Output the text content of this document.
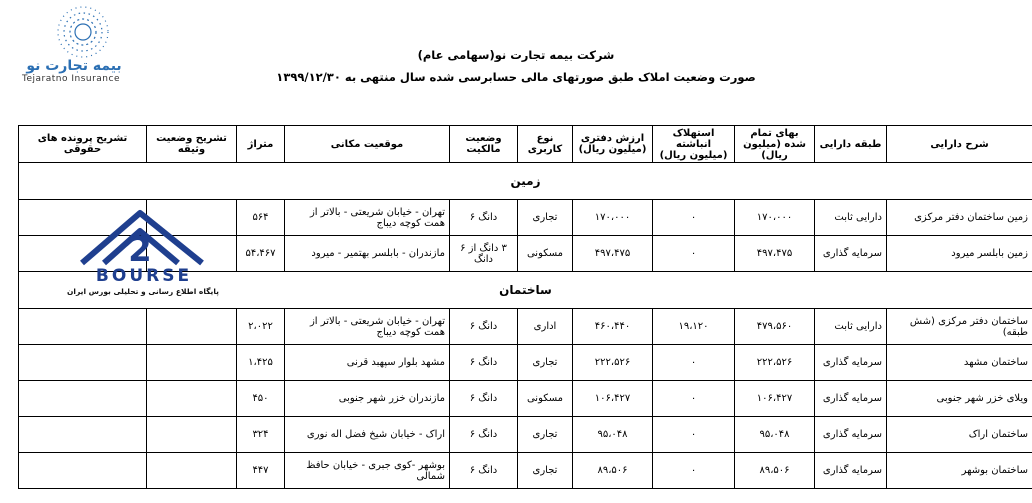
بیمه تجارت نو
Tejaratno Insurance
شرکت بیمه تجارت نو(سهامی عام)
صورت وضعیت املاک طبق صورتهای مالی حسابرسی شده سال منتهی به ۱۳۹۹/۱۲/۳۰
شرح دارایی	طبقه دارایی	بهای تمام شده (میلیون ریال)	استهلاک انباشته (میلیون ریال)	ارزش دفتری (میلیون ریال)	نوع کاربری	وضعیت مالکیت	موقعیت مکانی	متراژ	تشریح وضعیت وثیقه	تشریح پرونده های حقوقی
زمین										
زمین ساختمان دفتر مرکزی	دارایی ثابت	۱۷۰،۰۰۰	۰	۱۷۰،۰۰۰	تجاری	دانگ ۶	تهران - خیابان شریعتی - بالاتر از همت کوچه دیباج	۵۶۴		
زمین بابلسر میرود	سرمایه گذاری	۴۹۷،۴۷۵	۰	۴۹۷،۴۷۵	مسکونی	۳ دانگ از ۶ دانگ	مازندران - بابلسر بهتمیر - میرود	۵۴،۴۶۷		
ساختمان										
ساختمان دفتر مرکزی (شش طبقه)	دارایی ثابت	۴۷۹،۵۶۰	۱۹،۱۲۰	۴۶۰،۴۴۰	اداری	دانگ ۶	تهران - خیابان شریعتی - بالاتر از همت کوچه دیباج	۲،۰۲۲		
ساختمان مشهد	سرمایه گذاری	۲۲۲،۵۲۶	۰	۲۲۲،۵۲۶	تجاری	دانگ ۶	مشهد بلوار سپهبد قرنی	۱،۴۲۵		
ویلای خزر شهر جنوبی	سرمایه گذاری	۱۰۶،۴۲۷	۰	۱۰۶،۴۲۷	مسکونی	دانگ ۶	مازندران خزر شهر جنوبی	۴۵۰		
ساختمان اراک	سرمایه گذاری	۹۵،۰۴۸	۰	۹۵،۰۴۸	تجاری	دانگ ۶	اراک - خیابان شیخ فضل اله نوری	۳۲۴		
ساختمان بوشهر	سرمایه گذاری	۸۹،۵۰۶	۰	۸۹،۵۰۶	تجاری	دانگ ۶	بوشهر -کوی جبری - خیابان حافظ شمالی	۴۴۷		
2
BOURSE
پایگاه اطلاع رسانی و تحلیلی بورس ایران
